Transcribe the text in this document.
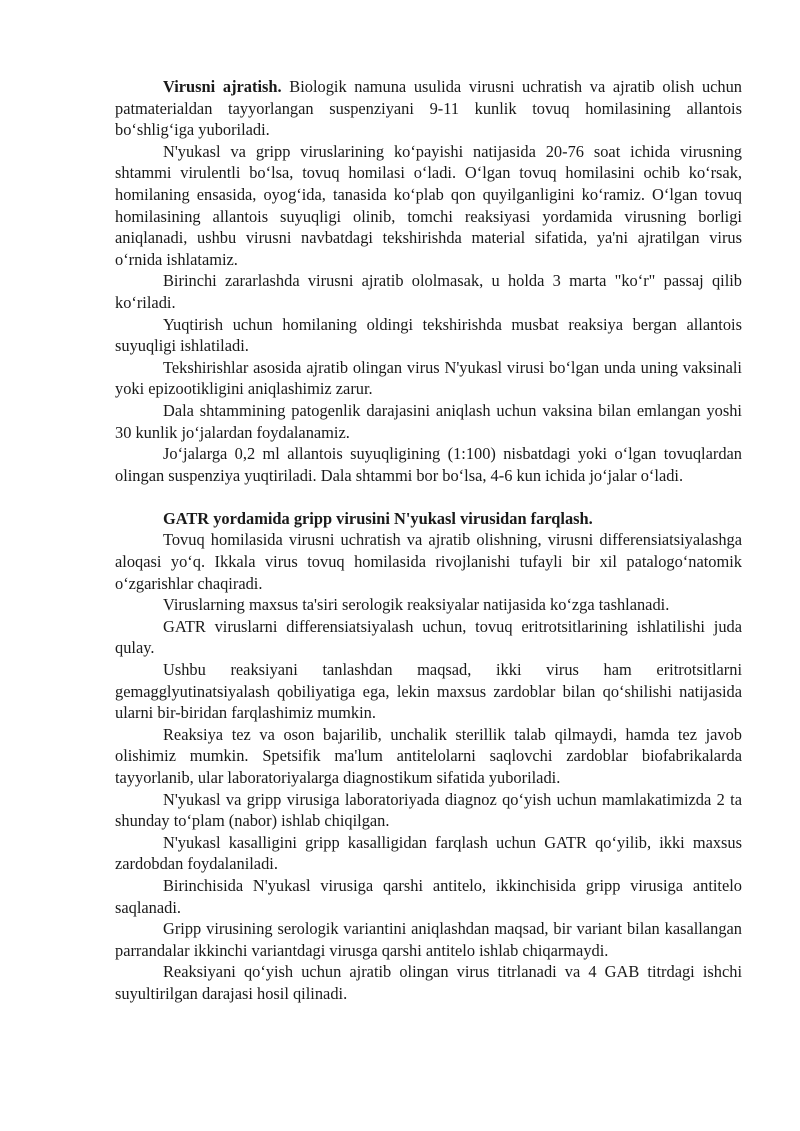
Virusni ajratish. Biologik namuna usulida virusni uchratish va ajratib olish uchun patmaterialdan tayyorlangan suspenziyani 9-11 kunlik tovuq homilasining allantois bo‘shlig‘iga yuboriladi.

N'yukasl va gripp viruslarining ko‘payishi natijasida 20-76 soat ichida virusning shtammi virulentli bo‘lsa, tovuq homilasi o‘ladi. O‘lgan tovuq homilasini ochib ko‘rsak, homilaning ensasida, oyog‘ida, tanasida ko‘plab qon quyilganligini ko‘ramiz. O‘lgan tovuq homilasining allantois suyuqligi olinib, tomchi reaksiyasi yordamida virusning borligi aniqlanadi, ushbu virusni navbatdagi tekshirishda material sifatida, ya'ni ajratilgan virus o‘rnida ishlatamiz.

Birinchi zararlashda virusni ajratib ololmasak, u holda 3 marta "ko‘r" passaj qilib ko‘riladi.

Yuqtirish uchun homilaning oldingi tekshirishda musbat reaksiya bergan allantois suyuqligi ishlatiladi.

Tekshirishlar asosida ajratib olingan virus N'yukasl virusi bo‘lgan unda uning vaksinali yoki epizootikligini aniqlashimiz zarur.

Dala shtammining patogenlik darajasini aniqlash uchun vaksina bilan emlangan yoshi 30 kunlik jo‘jalardan foydalanamiz.

Jo‘jalarga 0,2 ml allantois suyuqligining (1:100) nisbatdagi yoki o‘lgan tovuqlardan olingan suspenziya yuqtiriladi. Dala shtammi bor bo‘lsa, 4-6 kun ichida jo‘jalar o‘ladi.

GATR yordamida gripp virusini N'yukasl virusidan farqlash.

Tovuq homilasida virusni uchratish va ajratib olishning, virusni differensiatsiyalashga aloqasi yo‘q. Ikkala virus tovuq homilasida rivojlanishi tufayli bir xil patalogo‘natomik o‘zgarishlar chaqiradi.

Viruslarning maxsus ta'siri serologik reaksiyalar natijasida ko‘zga tashlanadi.

GATR viruslarni differensiatsiyalash uchun, tovuq eritrotsitlarining ishlatilishi juda qulay.

Ushbu reaksiyani tanlashdan maqsad, ikki virus ham eritrotsitlarni gemagglyutinatsiyalash qobiliyatiga ega, lekin maxsus zardoblar bilan qo‘shilishi natijasida ularni bir-biridan farqlashimiz mumkin.

Reaksiya tez va oson bajarilib, unchalik sterillik talab qilmaydi, hamda tez javob olishimiz mumkin. Spetsifik ma'lum antitelolarni saqlovchi zardoblar biofabrikalarda tayyorlanib, ular laboratoriyalarga diagnostikum sifatida yuboriladi.

N'yukasl va gripp virusiga laboratoriyada diagnoz qo‘yish uchun mamlakatimizda 2 ta shunday to‘plam (nabor) ishlab chiqilgan.

N'yukasl kasalligini gripp kasalligidan farqlash uchun GATR qo‘yilib, ikki maxsus zardobdan foydalaniladi.

Birinchisida N'yukasl virusiga qarshi antitelo, ikkinchisida gripp virusiga antitelo saqlanadi.

Gripp virusining serologik variantini aniqlashdan maqsad, bir variant bilan kasallangan parrandalar ikkinchi variantdagi virusga qarshi antitelo ishlab chiqarmaydi.

Reaksiyani qo‘yish uchun ajratib olingan virus titrlanadi va 4 GAB titrdagi ishchi suyultirilgan darajasi hosil qilinadi.
